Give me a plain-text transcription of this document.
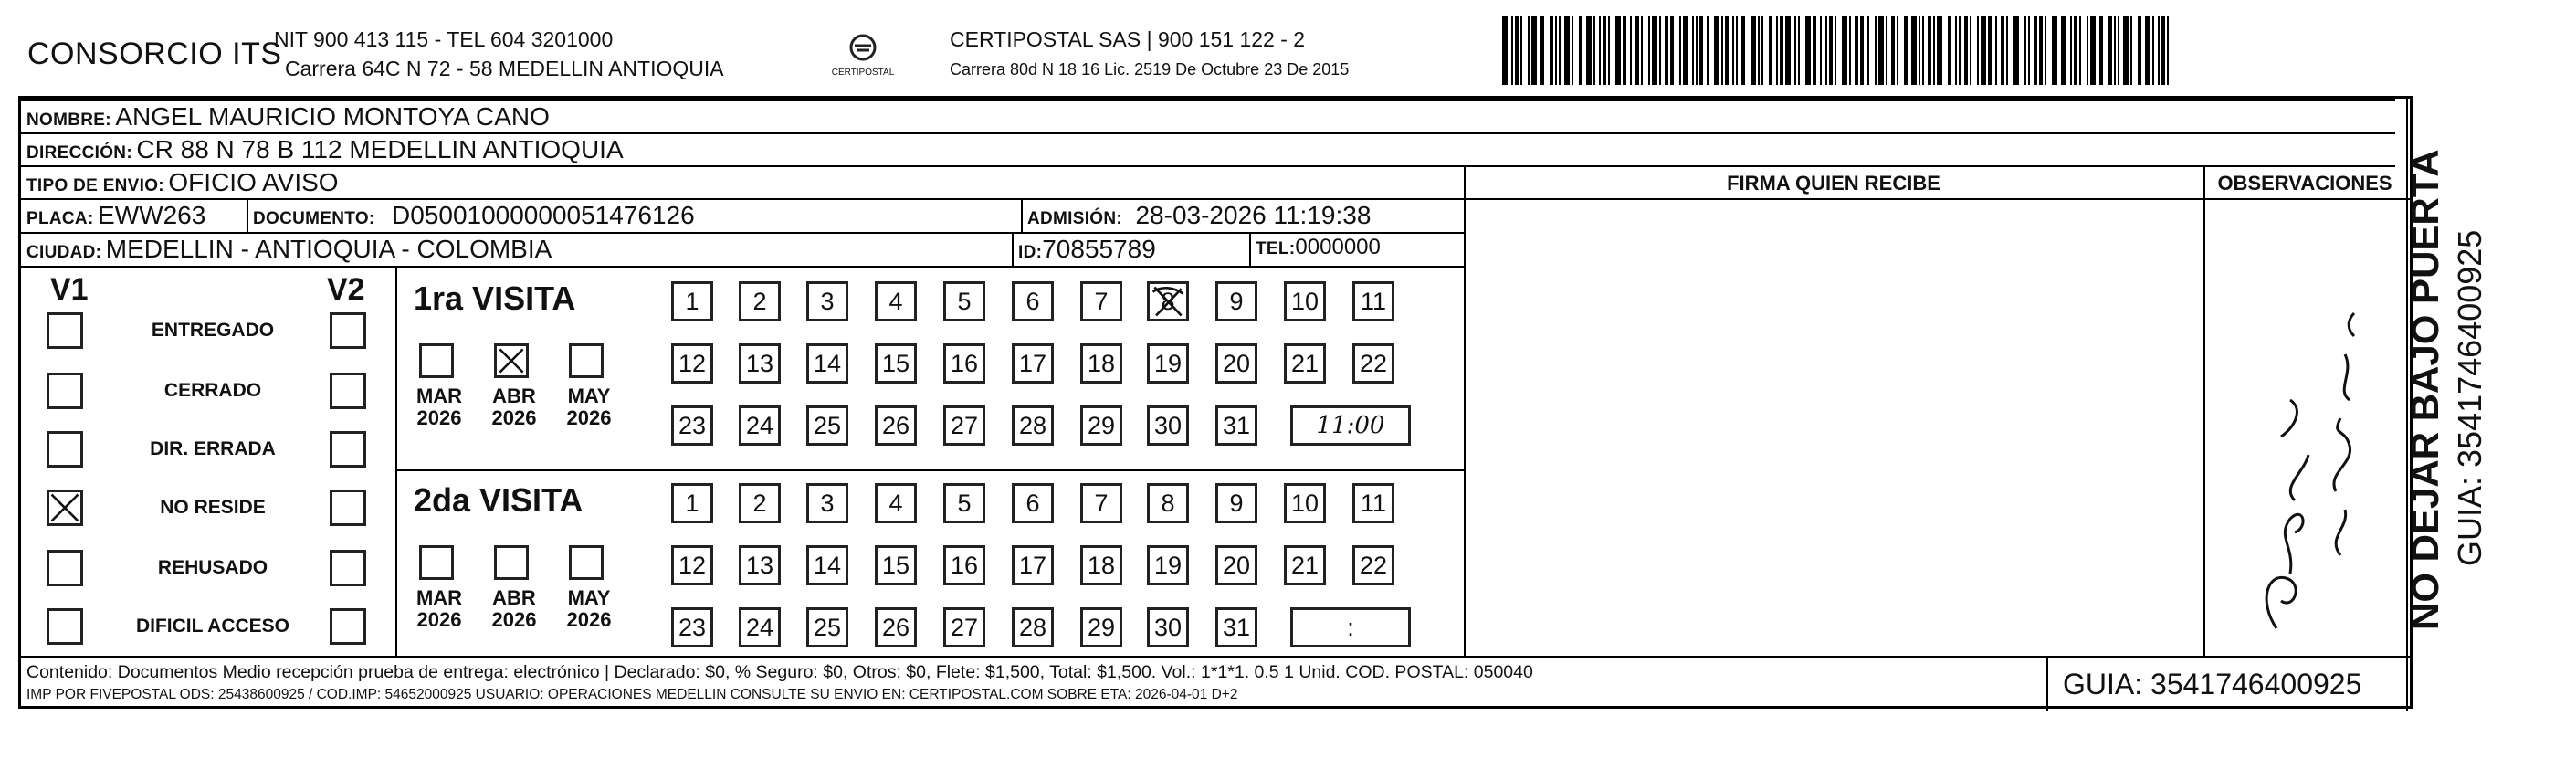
CONSORCIO ITS
NIT 900 413 115 - TEL 604 3201000
Carrera 64C N 72 - 58 MEDELLIN ANTIOQUIA	CERTIPOSTAL
CERTIPOSTAL SAS | 900 151 122 - 2
Carrera 80d N 18 16 Lic. 2519 De Octubre 23 De 2015
NOMBRE: ANGEL MAURICIO MONTOYA CANO
DIRECCIÓN: CR 88 N 78 B 112 MEDELLIN ANTIOQUIA
TIPO DE ENVIO: OFICIO AVISO	FIRMA QUIEN RECIBE	OBSERVACIONES
PLACA: EWW263	DOCUMENTO: D05001000000051476126	ADMISIÓN: 28-03-2026 11:19:38
CIUDAD: MEDELLIN - ANTIOQUIA - COLOMBIA	ID:70855789	TEL:0000000
V1	V2
ENTREGADO
CERRADO
DIR. ERRADA
NO RESIDE
REHUSADO
DIFICIL ACCESO
1ra VISITA
MAR
2026
ABR
2026
MAY
2026
1 2 3 4 5 6 7 8 9 10 11
12 13 14 15 16 17 18 19 20 21 22
23 24 25 26 27 28 29 30 31	11:00
2da VISITA
MAR
2026
ABR
2026
MAY
2026
1 2 3 4 5 6 7 8 9 10 11
12 13 14 15 16 17 18 19 20 21 22
23 24 25 26 27 28 29 30 31	:
Contenido: Documentos Medio recepción prueba de entrega: electrónico | Declarado: $0, % Seguro: $0, Otros: $0, Flete: $1,500, Total: $1,500. Vol.: 1*1*1. 0.5 1 Unid. COD. POSTAL: 050040
IMP POR FIVEPOSTAL ODS: 25438600925 / COD.IMP: 54652000925 USUARIO: OPERACIONES MEDELLIN CONSULTE SU ENVIO EN: CERTIPOSTAL.COM SOBRE ETA: 2026-04-01 D+2	GUIA: 3541746400925
NO DEJAR BAJO PUERTA GUIA: 3541746400925
